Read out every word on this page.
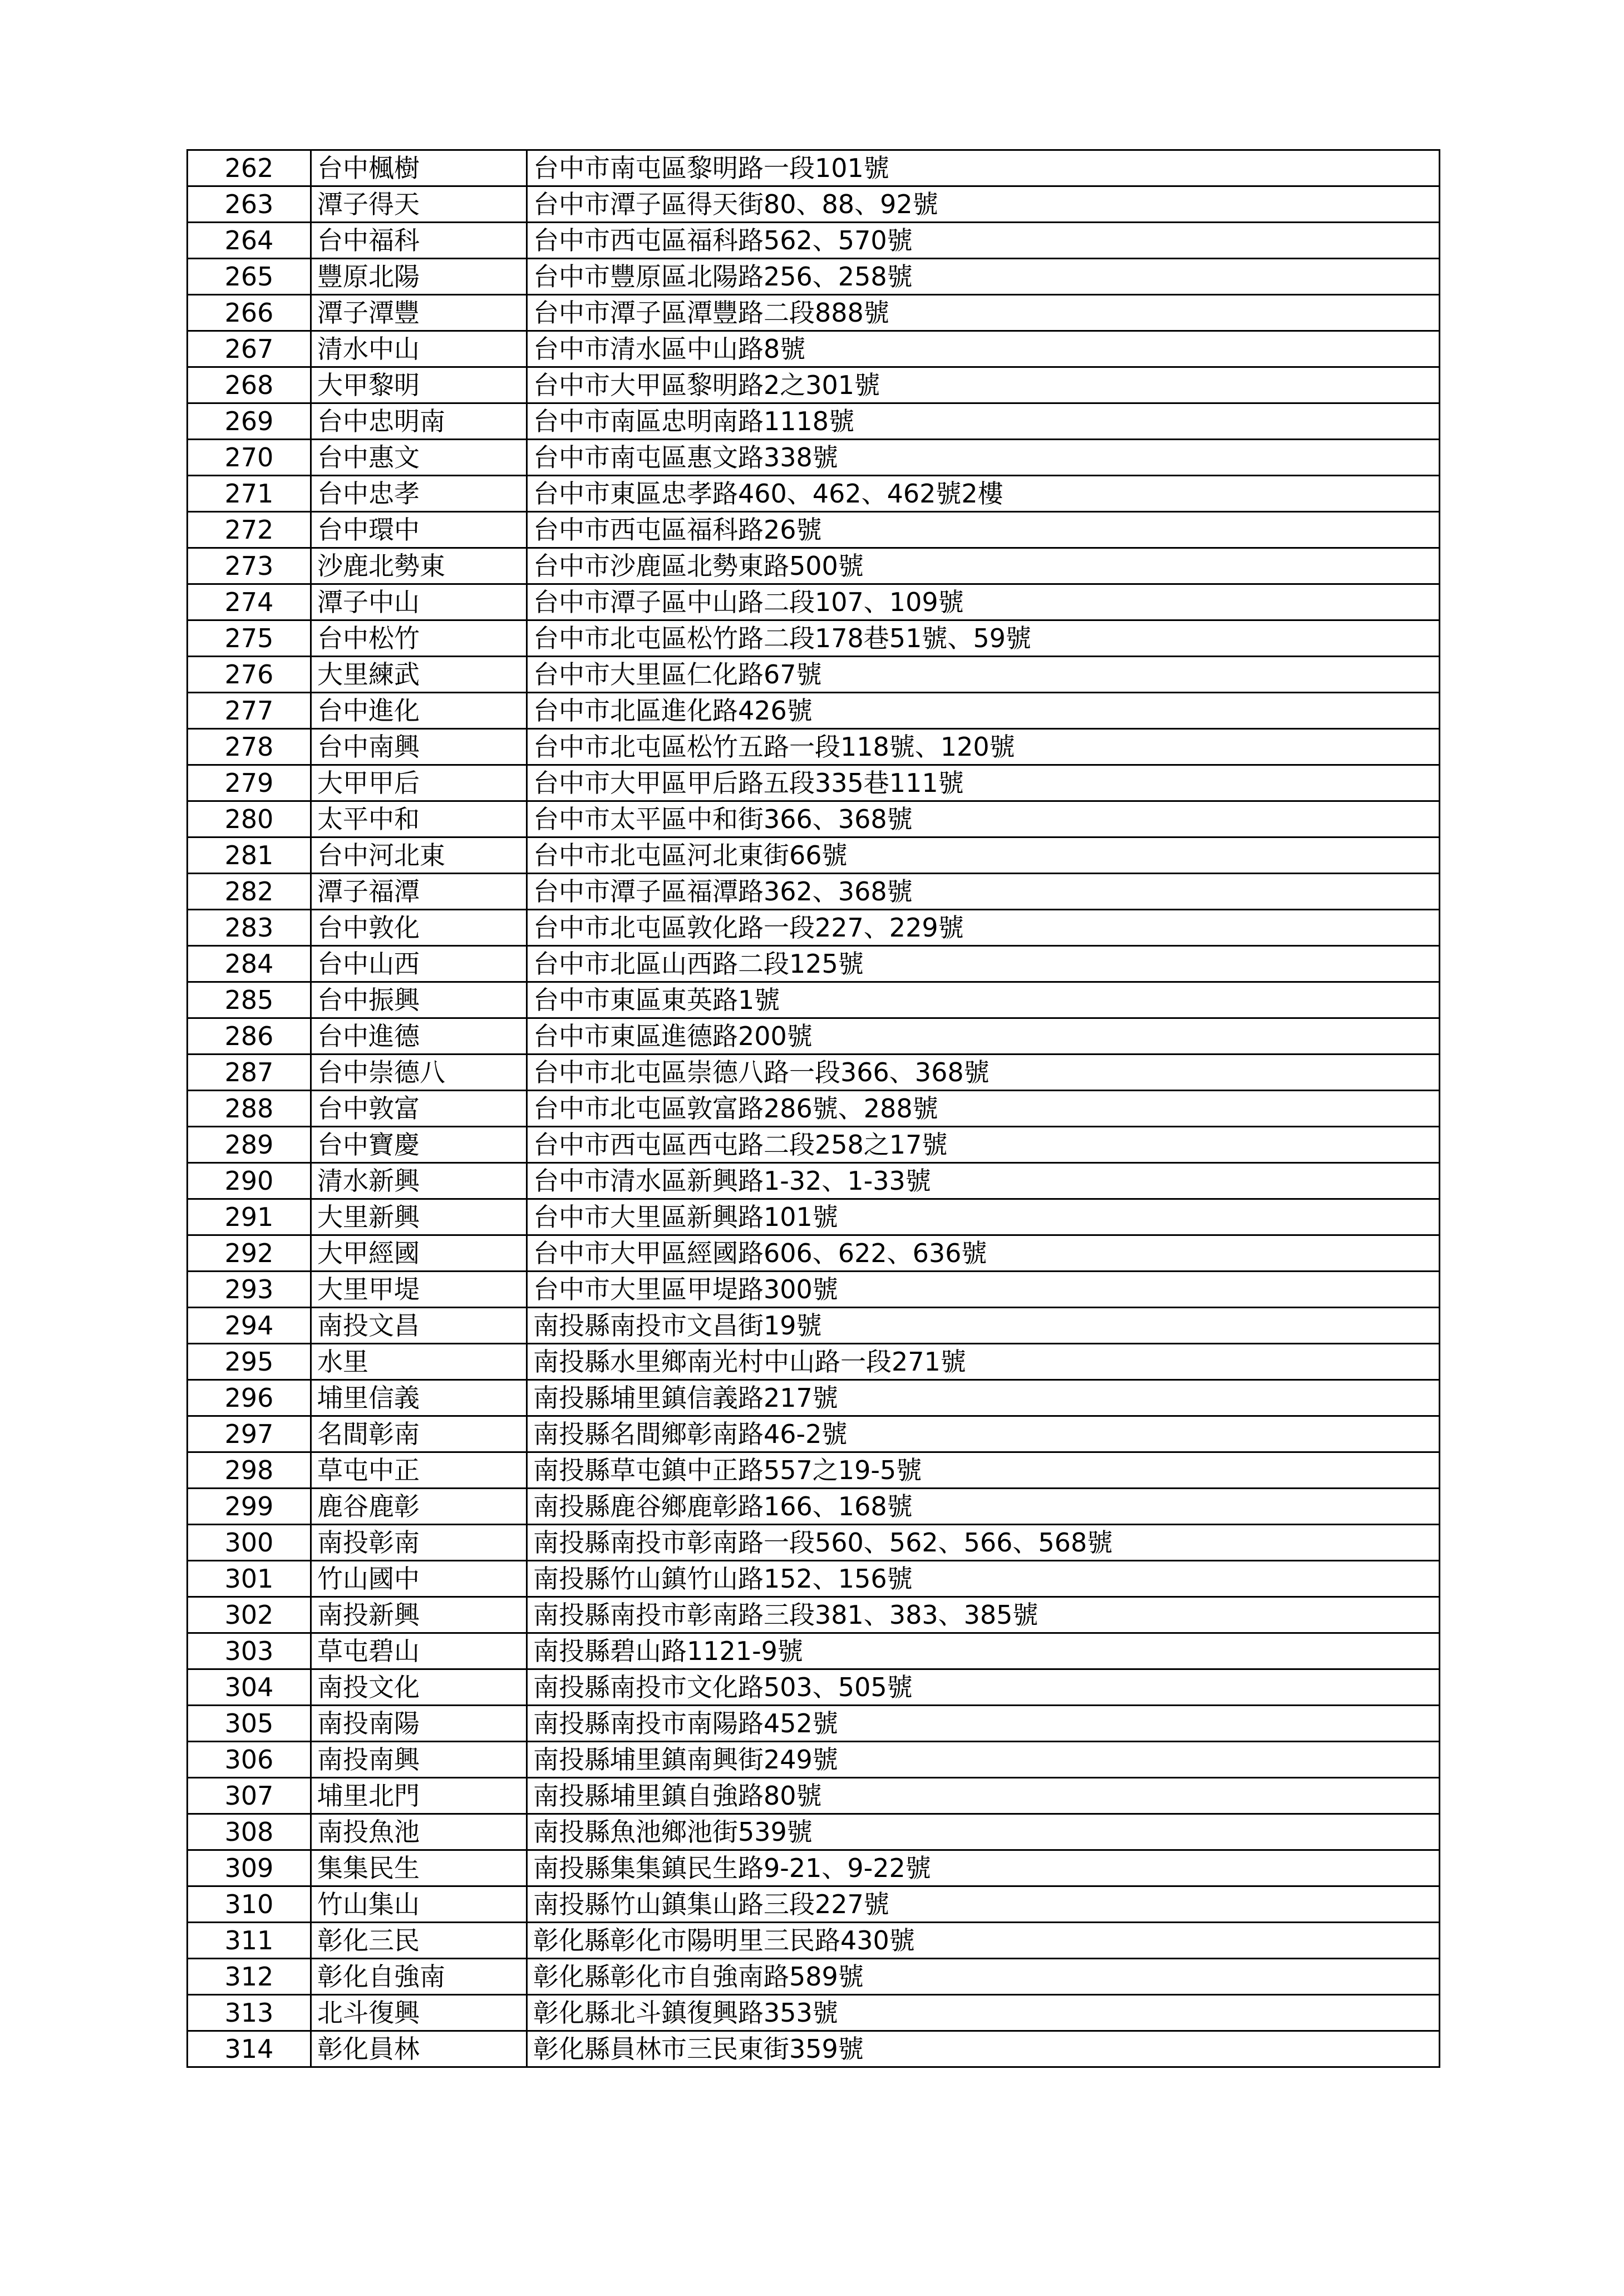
262	台中楓樹	台中市南屯區黎明路一段101號
263	潭子得天	台中市潭子區得天街80、88、92號
264	台中福科	台中市西屯區福科路562、570號
265	豐原北陽	台中市豐原區北陽路256、258號
266	潭子潭豐	台中市潭子區潭豐路二段888號
267	清水中山	台中市清水區中山路8號
268	大甲黎明	台中市大甲區黎明路2之301號
269	台中忠明南	台中市南區忠明南路1118號
270	台中惠文	台中市南屯區惠文路338號
271	台中忠孝	台中市東區忠孝路460、462、462號2樓
272	台中環中	台中市西屯區福科路26號
273	沙鹿北勢東	台中市沙鹿區北勢東路500號
274	潭子中山	台中市潭子區中山路二段107、109號
275	台中松竹	台中市北屯區松竹路二段178巷51號、59號
276	大里練武	台中市大里區仁化路67號
277	台中進化	台中市北區進化路426號
278	台中南興	台中市北屯區松竹五路一段118號、120號
279	大甲甲后	台中市大甲區甲后路五段335巷111號
280	太平中和	台中市太平區中和街366、368號
281	台中河北東	台中市北屯區河北東街66號
282	潭子福潭	台中市潭子區福潭路362、368號
283	台中敦化	台中市北屯區敦化路一段227、229號
284	台中山西	台中市北區山西路二段125號
285	台中振興	台中市東區東英路1號
286	台中進德	台中市東區進德路200號
287	台中崇德八	台中市北屯區崇德八路一段366、368號
288	台中敦富	台中市北屯區敦富路286號、288號
289	台中寶慶	台中市西屯區西屯路二段258之17號
290	清水新興	台中市清水區新興路1-32、1-33號
291	大里新興	台中市大里區新興路101號
292	大甲經國	台中市大甲區經國路606、622、636號
293	大里甲堤	台中市大里區甲堤路300號
294	南投文昌	南投縣南投市文昌街19號
295	水里	南投縣水里鄉南光村中山路一段271號
296	埔里信義	南投縣埔里鎮信義路217號
297	名間彰南	南投縣名間鄉彰南路46-2號
298	草屯中正	南投縣草屯鎮中正路557之19-5號
299	鹿谷鹿彰	南投縣鹿谷鄉鹿彰路166、168號
300	南投彰南	南投縣南投市彰南路一段560、562、566、568號
301	竹山國中	南投縣竹山鎮竹山路152、156號
302	南投新興	南投縣南投市彰南路三段381、383、385號
303	草屯碧山	南投縣碧山路1121-9號
304	南投文化	南投縣南投市文化路503、505號
305	南投南陽	南投縣南投市南陽路452號
306	南投南興	南投縣埔里鎮南興街249號
307	埔里北門	南投縣埔里鎮自強路80號
308	南投魚池	南投縣魚池鄉池街539號
309	集集民生	南投縣集集鎮民生路9-21、9-22號
310	竹山集山	南投縣竹山鎮集山路三段227號
311	彰化三民	彰化縣彰化市陽明里三民路430號
312	彰化自強南	彰化縣彰化市自強南路589號
313	北斗復興	彰化縣北斗鎮復興路353號
314	彰化員林	彰化縣員林市三民東街359號
